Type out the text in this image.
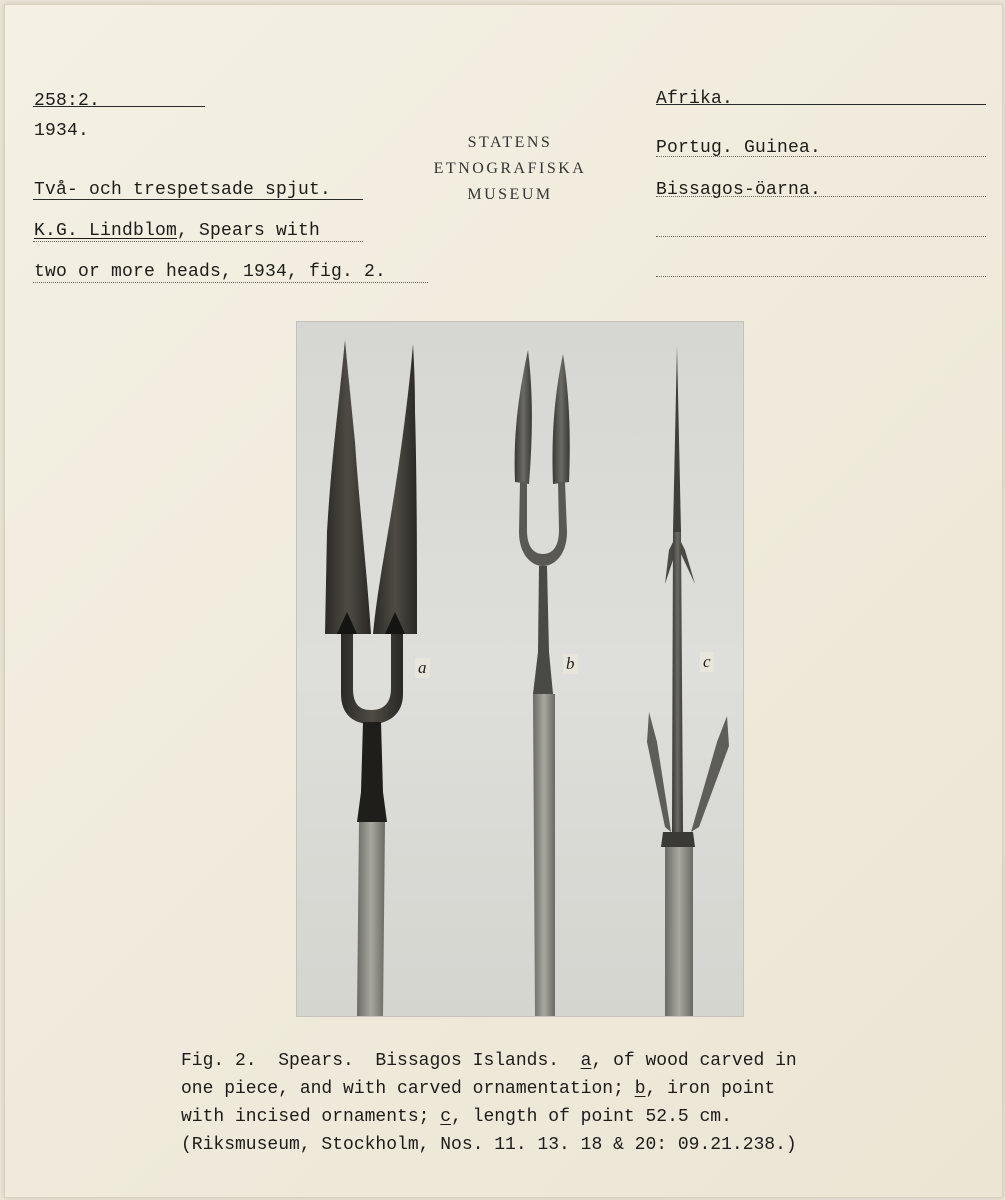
258:2.
1934.
Två- och trespetsade spjut.
K.G. Lindblom, Spears with
two or more heads, 1934, fig. 2.
STATENS
ETNOGRAFISKA
MUSEUM
Afrika.
Portug. Guinea.
Bissagos-öarna.
a	b	c
Fig. 2.  Spears.  Bissagos Islands.  a, of wood carved in
one piece, and with carved ornamentation; b, iron point
with incised ornaments; c, length of point 52.5 cm.
(Riksmuseum, Stockholm, Nos. 11. 13. 18 & 20: 09.21.238.)
